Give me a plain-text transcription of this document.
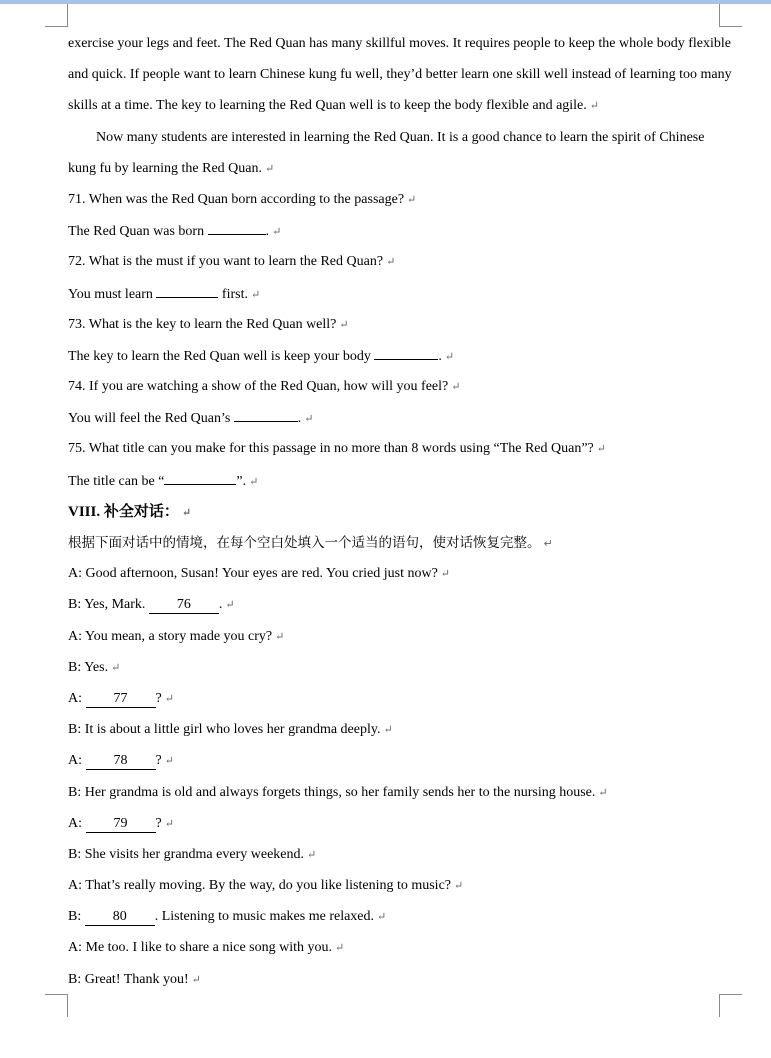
exercise your legs and feet. The Red Quan has many skillful moves. It requires people to keep the whole body flexible
and quick. If people want to learn Chinese kung fu well, they’d better learn one skill well instead of learning too many
skills at a time. The key to learning the Red Quan well is to keep the body flexible and agile. ↵
Now many students are interested in learning the Red Quan. It is a good chance to learn the spirit of Chinese
kung fu by learning the Red Quan. ↵
71. When was the Red Quan born according to the passage? ↵
The Red Quan was born	. ↵
72. What is the must if you want to learn the Red Quan? ↵
You must learn	first. ↵
73. What is the key to learn the Red Quan well? ↵
The key to learn the Red Quan well is keep your body	. ↵
74. If you are watching a show of the Red Quan, how will you feel? ↵
You will feel the Red Quan’s	. ↵
75. What title can you make for this passage in no more than 8 words using “The Red Quan”? ↵
The title can be “	”. ↵
VIII. 补全对话： ↵
根据下面对话中的情境，在每个空白处填入一个适当的语句，使对话恢复完整。 ↵
A: Good afternoon, Susan! Your eyes are red. You cried just now? ↵
B: Yes, Mark. 76 . ↵
A: You mean, a story made you cry? ↵
B: Yes. ↵
A: 77 ? ↵
B: It is about a little girl who loves her grandma deeply. ↵
A: 78 ? ↵
B: Her grandma is old and always forgets things, so her family sends her to the nursing house. ↵
A: 79 ? ↵
B: She visits her grandma every weekend. ↵
A: That’s really moving. By the way, do you like listening to music? ↵
B: 80 . Listening to music makes me relaxed. ↵
A: Me too. I like to share a nice song with you. ↵
B: Great! Thank you! ↵
